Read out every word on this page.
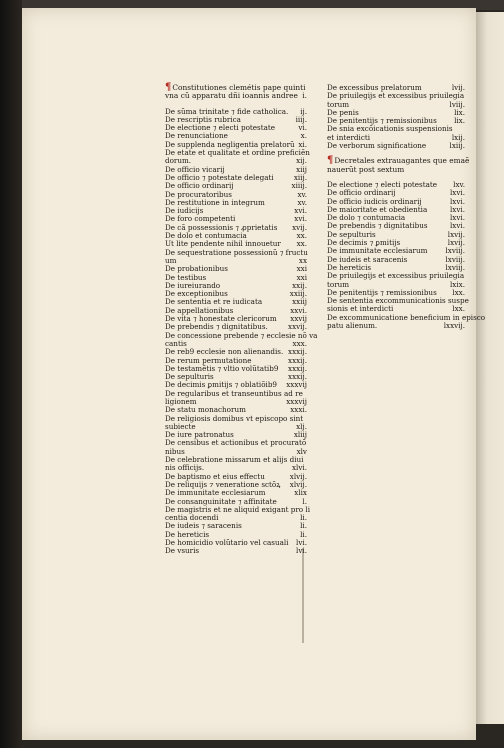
¶Constitutiones clemétis pape quinti
vna cũ apparatu dñi ioannis andree i.
De sũma trinitate ⁊ fide catholica. ij.
De rescriptis rubrica	iiij.
De electione ⁊ electi potestate	vi.
De renunciatione	x.
De supplenda negligentia prelatorũ xi.
De etate et qualitate et ordine preficiẽn
dorum.	xij.
De officio vicarij	xiij
De officio ⁊ potestate delegati	xiij.
De officio ordinarij	xiiij.
De procuratoribus	xv.
De restitutione in integrum	xv.
De iudicijs	xvi.
De foro competenti	xvi.
De cã possessionis ⁊ ꝓprietatis xvij.
De dolo et contumacia	xx.
Ut lite pendente nihil innouetur xx.
De sequestratione possessionũ ⁊ fructu
um	xx
De probationibus	xxi
De testibus	xxi
De iureiurando	xxij.
De exceptionibus	xxiij.
De sententia et re iudicata	xxiij
De appellationibus	xxvi.
De vita ⁊ honestate clericorum xxvij
De prebendis ⁊ dignitatibus.	xxvij.
De concessione prebende ⁊ ecclesie nõ va
cantis	xxx.
De reb9 ecclesie non alienandis. xxxij.
De rerum permutatione	xxxij.
De testamẽtis ⁊ vltio volũtatib9 xxxij.
De sepulturis	xxxij.
De decimis ꝑmitijs ⁊ oblatiõib9 xxxvij
De regularibus et transeuntibus ad re
ligionem	xxxvij
De statu monachorum	xxxi.
De religiosis domibus vt episcopo sint
subiecte	xlj.
De iure patronatus	xliij
De censibus et actionibus et procuratõ
nibus	xlv
De celebratione missarum et alijs diui
nis officijs.	xlvi.
De baptismo et eius effectu	xlvij.
De reliquijs ⁊ veneratione sctõꝝ xlvij.
De immunitate ecclesiarum	xlix
De consanguinitate ⁊ affinitate	l.
De magistris et ne aliquid exigant pro li
centia docendi	li.
De iudeis ⁊ saracenis	li.
De hereticis	li.
De homicidio volũtario vel casuali lvi.
De vsuris	lvi.
De excessibus prelatorum	lvij.
De priuilegijs et excessibus priuilegia
torum	lviij.
De penis	lix.
De penitentijs ⁊ remissionibus lix.
De snia excõicationis suspensionis
et interdicti	lxij.
De verborum significatione	lxiij.
¶Decretales extrauagantes que emaẽ
nauerũt post sextum
De electione ⁊ electi potestate lxv.
De officio ordinarij	lxvi.
De officio iudicis ordinarij	lxvi.
De maioritate et obedientia	lxvi.
De dolo ⁊ contumacia	lxvi.
De prebendis ⁊ dignitatibus	lxvi.
De sepulturis	lxvij.
De decimis ⁊ ꝑmitijs	lxvij.
De immunitate ecclesiarum	lxviij.
De iudeis et saracenis	lxviij.
De hereticis	lxviij.
De priuilegijs et excessibus priuilegia
torum	lxix.
De penitentijs ⁊ remissionibus lxx.
De sententia excommunicationis suspe
sionis et interdicti	lxx.
De excommunicatione beneficium in episco
patu alienum.	lxxvij.
